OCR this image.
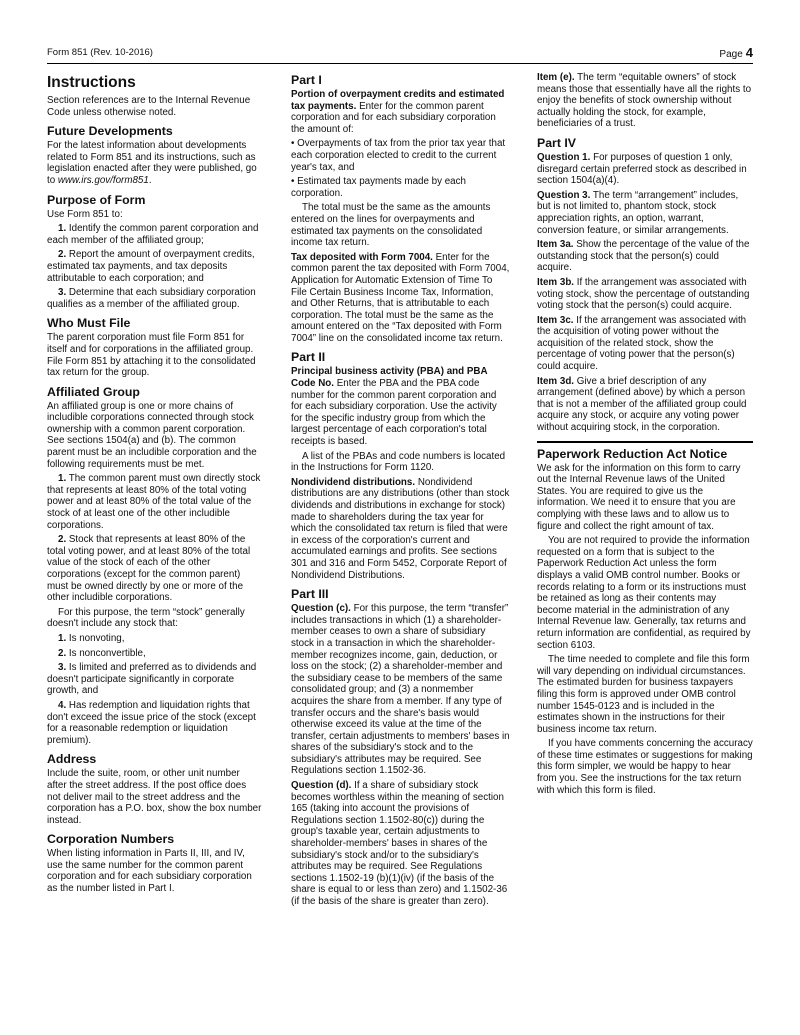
Form 851 (Rev. 10-2016)	Page 4
Instructions

Section references are to the Internal Revenue Code unless otherwise noted.

Future Developments

For the latest information about developments related to Form 851 and its instructions, such as legislation enacted after they were published, go to www.irs.gov/form851.

Purpose of Form

Use Form 851 to:

1. Identify the common parent corporation and each member of the affiliated group;

2. Report the amount of overpayment credits, estimated tax payments, and tax deposits attributable to each corporation; and

3. Determine that each subsidiary corporation qualifies as a member of the affiliated group.

Who Must File

The parent corporation must file Form 851 for itself and for corporations in the affiliated group. File Form 851 by attaching it to the consolidated tax return for the group.

Affiliated Group

An affiliated group is one or more chains of includible corporations connected through stock ownership with a common parent corporation. See sections 1504(a) and (b). The common parent must be an includible corporation and the following requirements must be met.

1. The common parent must own directly stock that represents at least 80% of the total voting power and at least 80% of the total value of the stock of at least one of the other includible corporations.

2. Stock that represents at least 80% of the total voting power, and at least 80% of the total value of the stock of each of the other corporations (except for the common parent) must be owned directly by one or more of the other includible corporations.

For this purpose, the term “stock” generally doesn't include any stock that:

1. Is nonvoting,

2. Is nonconvertible,

3. Is limited and preferred as to dividends and doesn't participate significantly in corporate growth, and

4. Has redemption and liquidation rights that don't exceed the issue price of the stock (except for a reasonable redemption or liquidation premium).

Address

Include the suite, room, or other unit number after the street address. If the post office does not deliver mail to the street address and the corporation has a P.O. box, show the box number instead.

Corporation Numbers

When listing information in Parts II, III, and IV, use the same number for the common parent corporation and for each subsidiary corporation as the number listed in Part I.

Part I

Portion of overpayment credits and estimated tax payments. Enter for the common parent corporation and for each subsidiary corporation the amount of:

• Overpayments of tax from the prior tax year that each corporation elected to credit to the current year's tax, and

• Estimated tax payments made by each corporation.

The total must be the same as the amounts entered on the lines for overpayments and estimated tax payments on the consolidated income tax return.

Tax deposited with Form 7004. Enter for the common parent the tax deposited with Form 7004, Application for Automatic Extension of Time To File Certain Business Income Tax, Information, and Other Returns, that is attributable to each corporation. The total must be the same as the amount entered on the “Tax deposited with Form 7004” line on the consolidated income tax return.

Part II

Principal business activity (PBA) and PBA Code No. Enter the PBA and the PBA code number for the common parent corporation and for each subsidiary corporation. Use the activity for the specific industry group from which the largest percentage of each corporation's total receipts is based.

A list of the PBAs and code numbers is located in the Instructions for Form 1120.

Nondividend distributions. Nondividend distributions are any distributions (other than stock dividends and distributions in exchange for stock) made to shareholders during the tax year for which the consolidated tax return is filed that were in excess of the corporation's current and accumulated earnings and profits. See sections 301 and 316 and Form 5452, Corporate Report of Nondividend Distributions.

Part III

Question (c). For this purpose, the term “transfer” includes transactions in which (1) a shareholder-member ceases to own a share of subsidiary stock in a transaction in which the shareholder-member recognizes income, gain, deduction, or loss on the stock; (2) a shareholder-member and the subsidiary cease to be members of the same consolidated group; and (3) a nonmember acquires the share from a member. If any type of transfer occurs and the share's basis would otherwise exceed its value at the time of the transfer, certain adjustments to members' bases in shares of the subsidiary's stock and to the subsidiary's attributes may be required. See Regulations section 1.1502-36.

Question (d). If a share of subsidiary stock becomes worthless within the meaning of section 165 (taking into account the provisions of Regulations section 1.1502-80(c)) during the group's taxable year, certain adjustments to shareholder-members' bases in shares of the subsidiary's stock and/or to the subsidiary's attributes may be required. See Regulations sections 1.1502-19 (b)(1)(iv) (if the basis of the share is equal to or less than zero) and 1.1502-36 (if the basis of the share is greater than zero).

Item (e). The term “equitable owners” of stock means those that essentially have all the rights to enjoy the benefits of stock ownership without actually holding the stock, for example, beneficiaries of a trust.

Part IV

Question 1. For purposes of question 1 only, disregard certain preferred stock as described in section 1504(a)(4).

Question 3. The term “arrangement” includes, but is not limited to, phantom stock, stock appreciation rights, an option, warrant, conversion feature, or similar arrangements.

Item 3a. Show the percentage of the value of the outstanding stock that the person(s) could acquire.

Item 3b. If the arrangement was associated with voting stock, show the percentage of outstanding voting stock that the person(s) could acquire.

Item 3c. If the arrangement was associated with the acquisition of voting power without the acquisition of the related stock, show the percentage of voting power that the person(s) could acquire.

Item 3d. Give a brief description of any arrangement (defined above) by which a person that is not a member of the affiliated group could acquire any stock, or acquire any voting power without acquiring stock, in the corporation.

Paperwork Reduction Act Notice

We ask for the information on this form to carry out the Internal Revenue laws of the United States. You are required to give us the information. We need it to ensure that you are complying with these laws and to allow us to figure and collect the right amount of tax.

You are not required to provide the information requested on a form that is subject to the Paperwork Reduction Act unless the form displays a valid OMB control number. Books or records relating to a form or its instructions must be retained as long as their contents may become material in the administration of any Internal Revenue law. Generally, tax returns and return information are confidential, as required by section 6103.

The time needed to complete and file this form will vary depending on individual circumstances. The estimated burden for business taxpayers filing this form is approved under OMB control number 1545-0123 and is included in the estimates shown in the instructions for their business income tax return.

If you have comments concerning the accuracy of these time estimates or suggestions for making this form simpler, we would be happy to hear from you. See the instructions for the tax return with which this form is filed.
